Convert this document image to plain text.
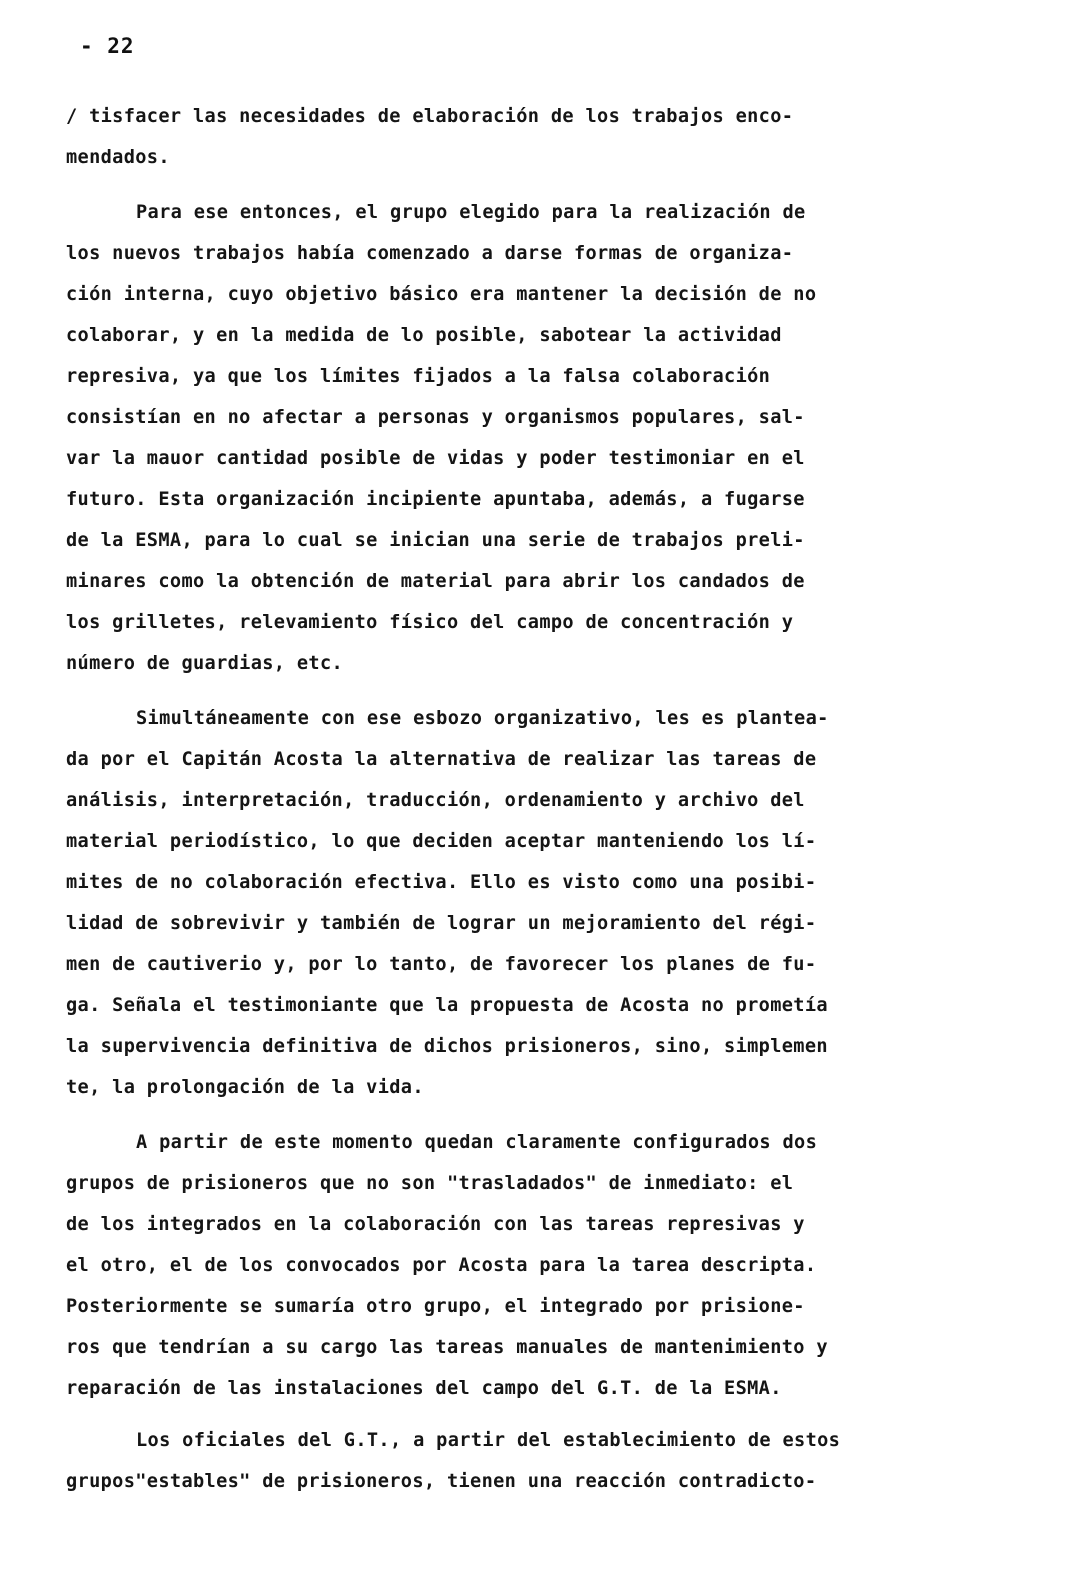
- 22
/ tisfacer las necesidades de elaboración de los trabajos enco-
mendados.
Para ese entonces, el grupo elegido para la realización de
los nuevos trabajos había comenzado a darse formas de organiza-
ción interna, cuyo objetivo básico era mantener la decisión de no
colaborar, y en la medida de lo posible, sabotear la actividad
represiva, ya que los límites fijados a la falsa colaboración
consistían en no afectar a personas y organismos populares, sal-
var la mauor cantidad posible de vidas y poder testimoniar en el
futuro. Esta organización incipiente apuntaba, además, a fugarse
de la ESMA, para lo cual se inician una serie de trabajos preli-
minares como la obtención de material para abrir los candados de
los grilletes, relevamiento físico del campo de concentración y
número de guardias, etc.
Simultáneamente con ese esbozo organizativo, les es plantea-
da por el Capitán Acosta la alternativa de realizar las tareas de
análisis, interpretación, traducción, ordenamiento y archivo del
material periodístico, lo que deciden aceptar manteniendo los lí-
mites de no colaboración efectiva. Ello es visto como una posibi-
lidad de sobrevivir y también de lograr un mejoramiento del régi-
men de cautiverio y, por lo tanto, de favorecer los planes de fu-
ga. Señala el testimoniante que la propuesta de Acosta no prometía
la supervivencia definitiva de dichos prisioneros, sino, simplemen
te, la prolongación de la vida.
A partir de este momento quedan claramente configurados dos
grupos de prisioneros que no son "trasladados" de inmediato: el
de los integrados en la colaboración con las tareas represivas y
el otro, el de los convocados por Acosta para la tarea descripta.
Posteriormente se sumaría otro grupo, el integrado por prisione-
ros que tendrían a su cargo las tareas manuales de mantenimiento y
reparación de las instalaciones del campo del G.T. de la ESMA.
Los oficiales del G.T., a partir del establecimiento de estos
grupos"estables" de prisioneros, tienen una reacción contradicto-
